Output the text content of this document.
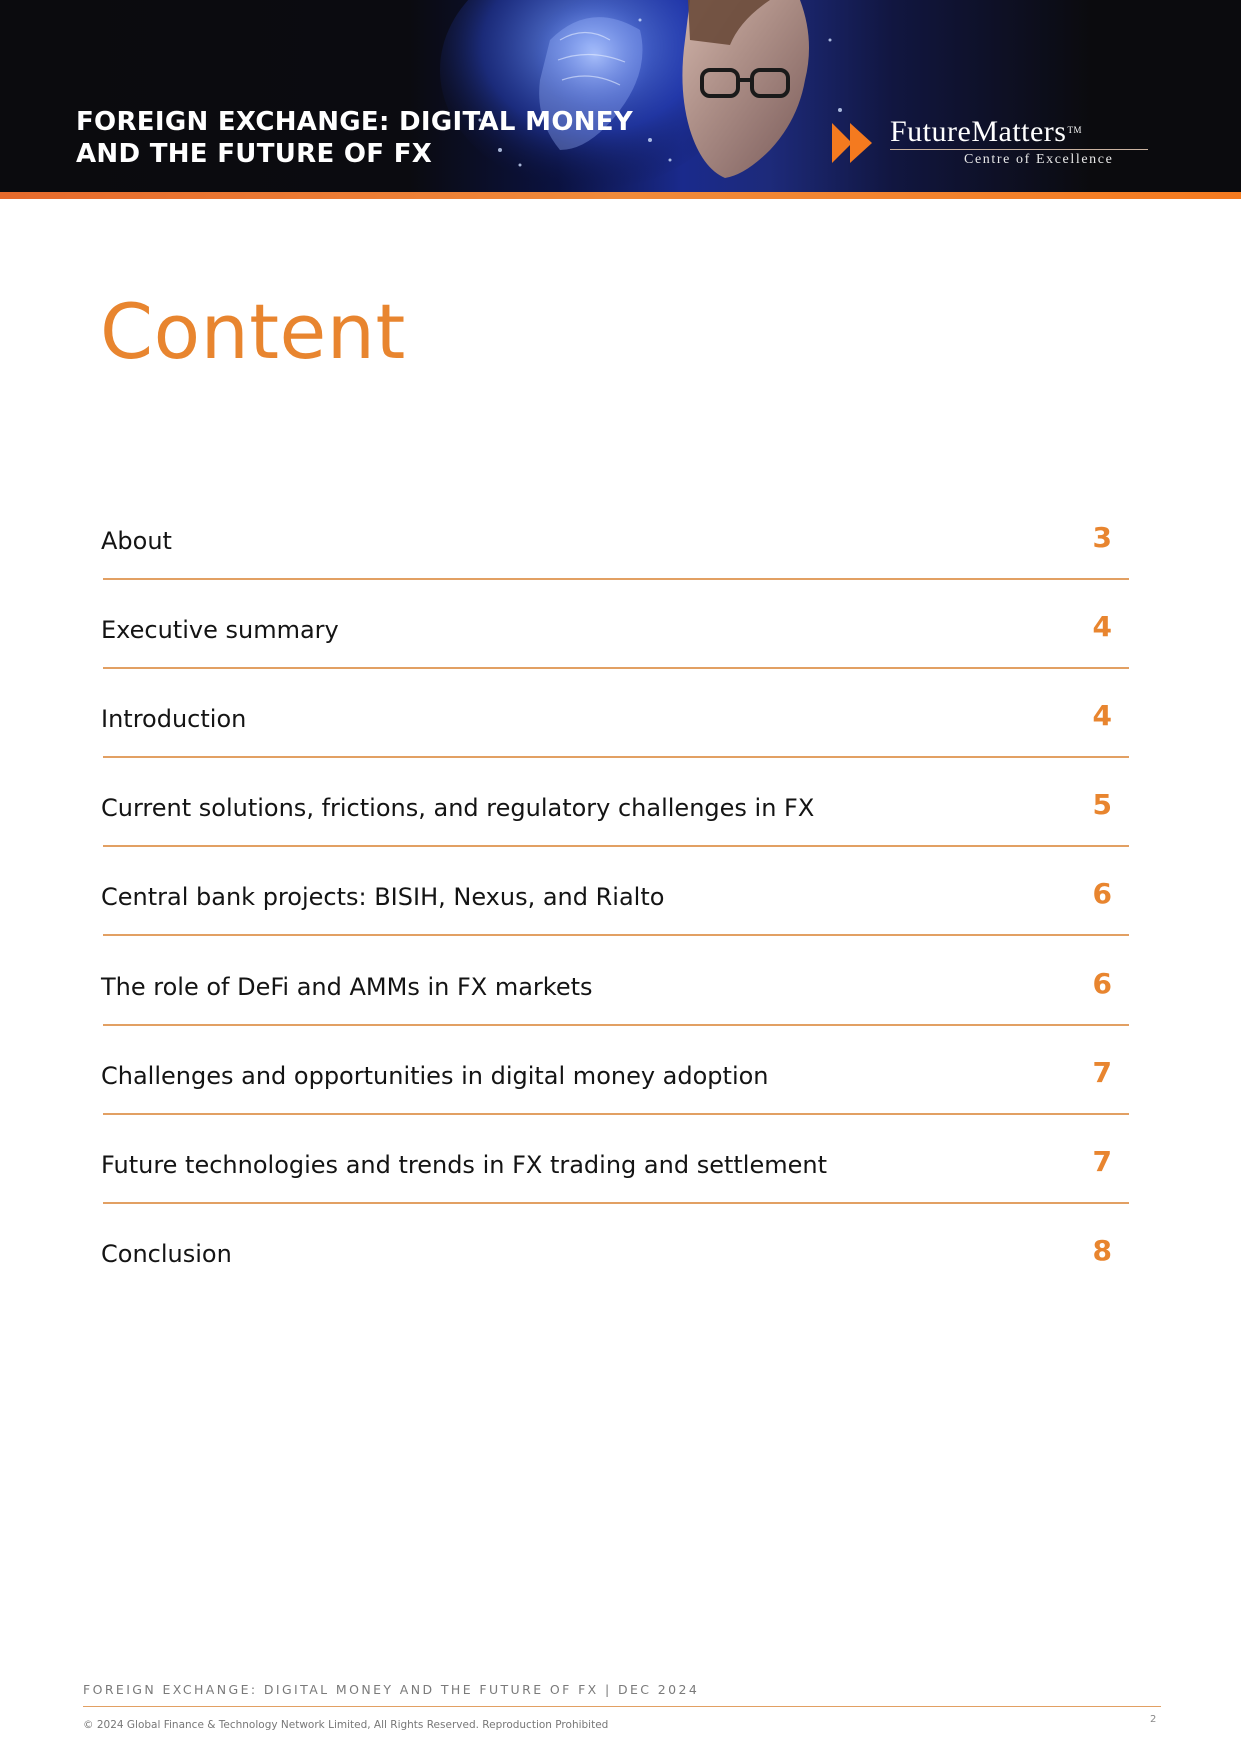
FOREIGN EXCHANGE: DIGITAL MONEY
AND THE FUTURE OF FX
FutureMatters™
Centre of Excellence
Content
About	3
Executive summary	4
Introduction	4
Current solutions, frictions, and regulatory challenges in FX	5
Central bank projects: BISIH, Nexus, and Rialto	6
The role of DeFi and AMMs in FX markets	6
Challenges and opportunities in digital money adoption	7
Future technologies and trends in FX trading and settlement	7
Conclusion	8
FOREIGN EXCHANGE: DIGITAL MONEY AND THE FUTURE OF FX | DEC 2024
© 2024 Global Finance & Technology Network Limited, All Rights Reserved. Reproduction Prohibited	2
